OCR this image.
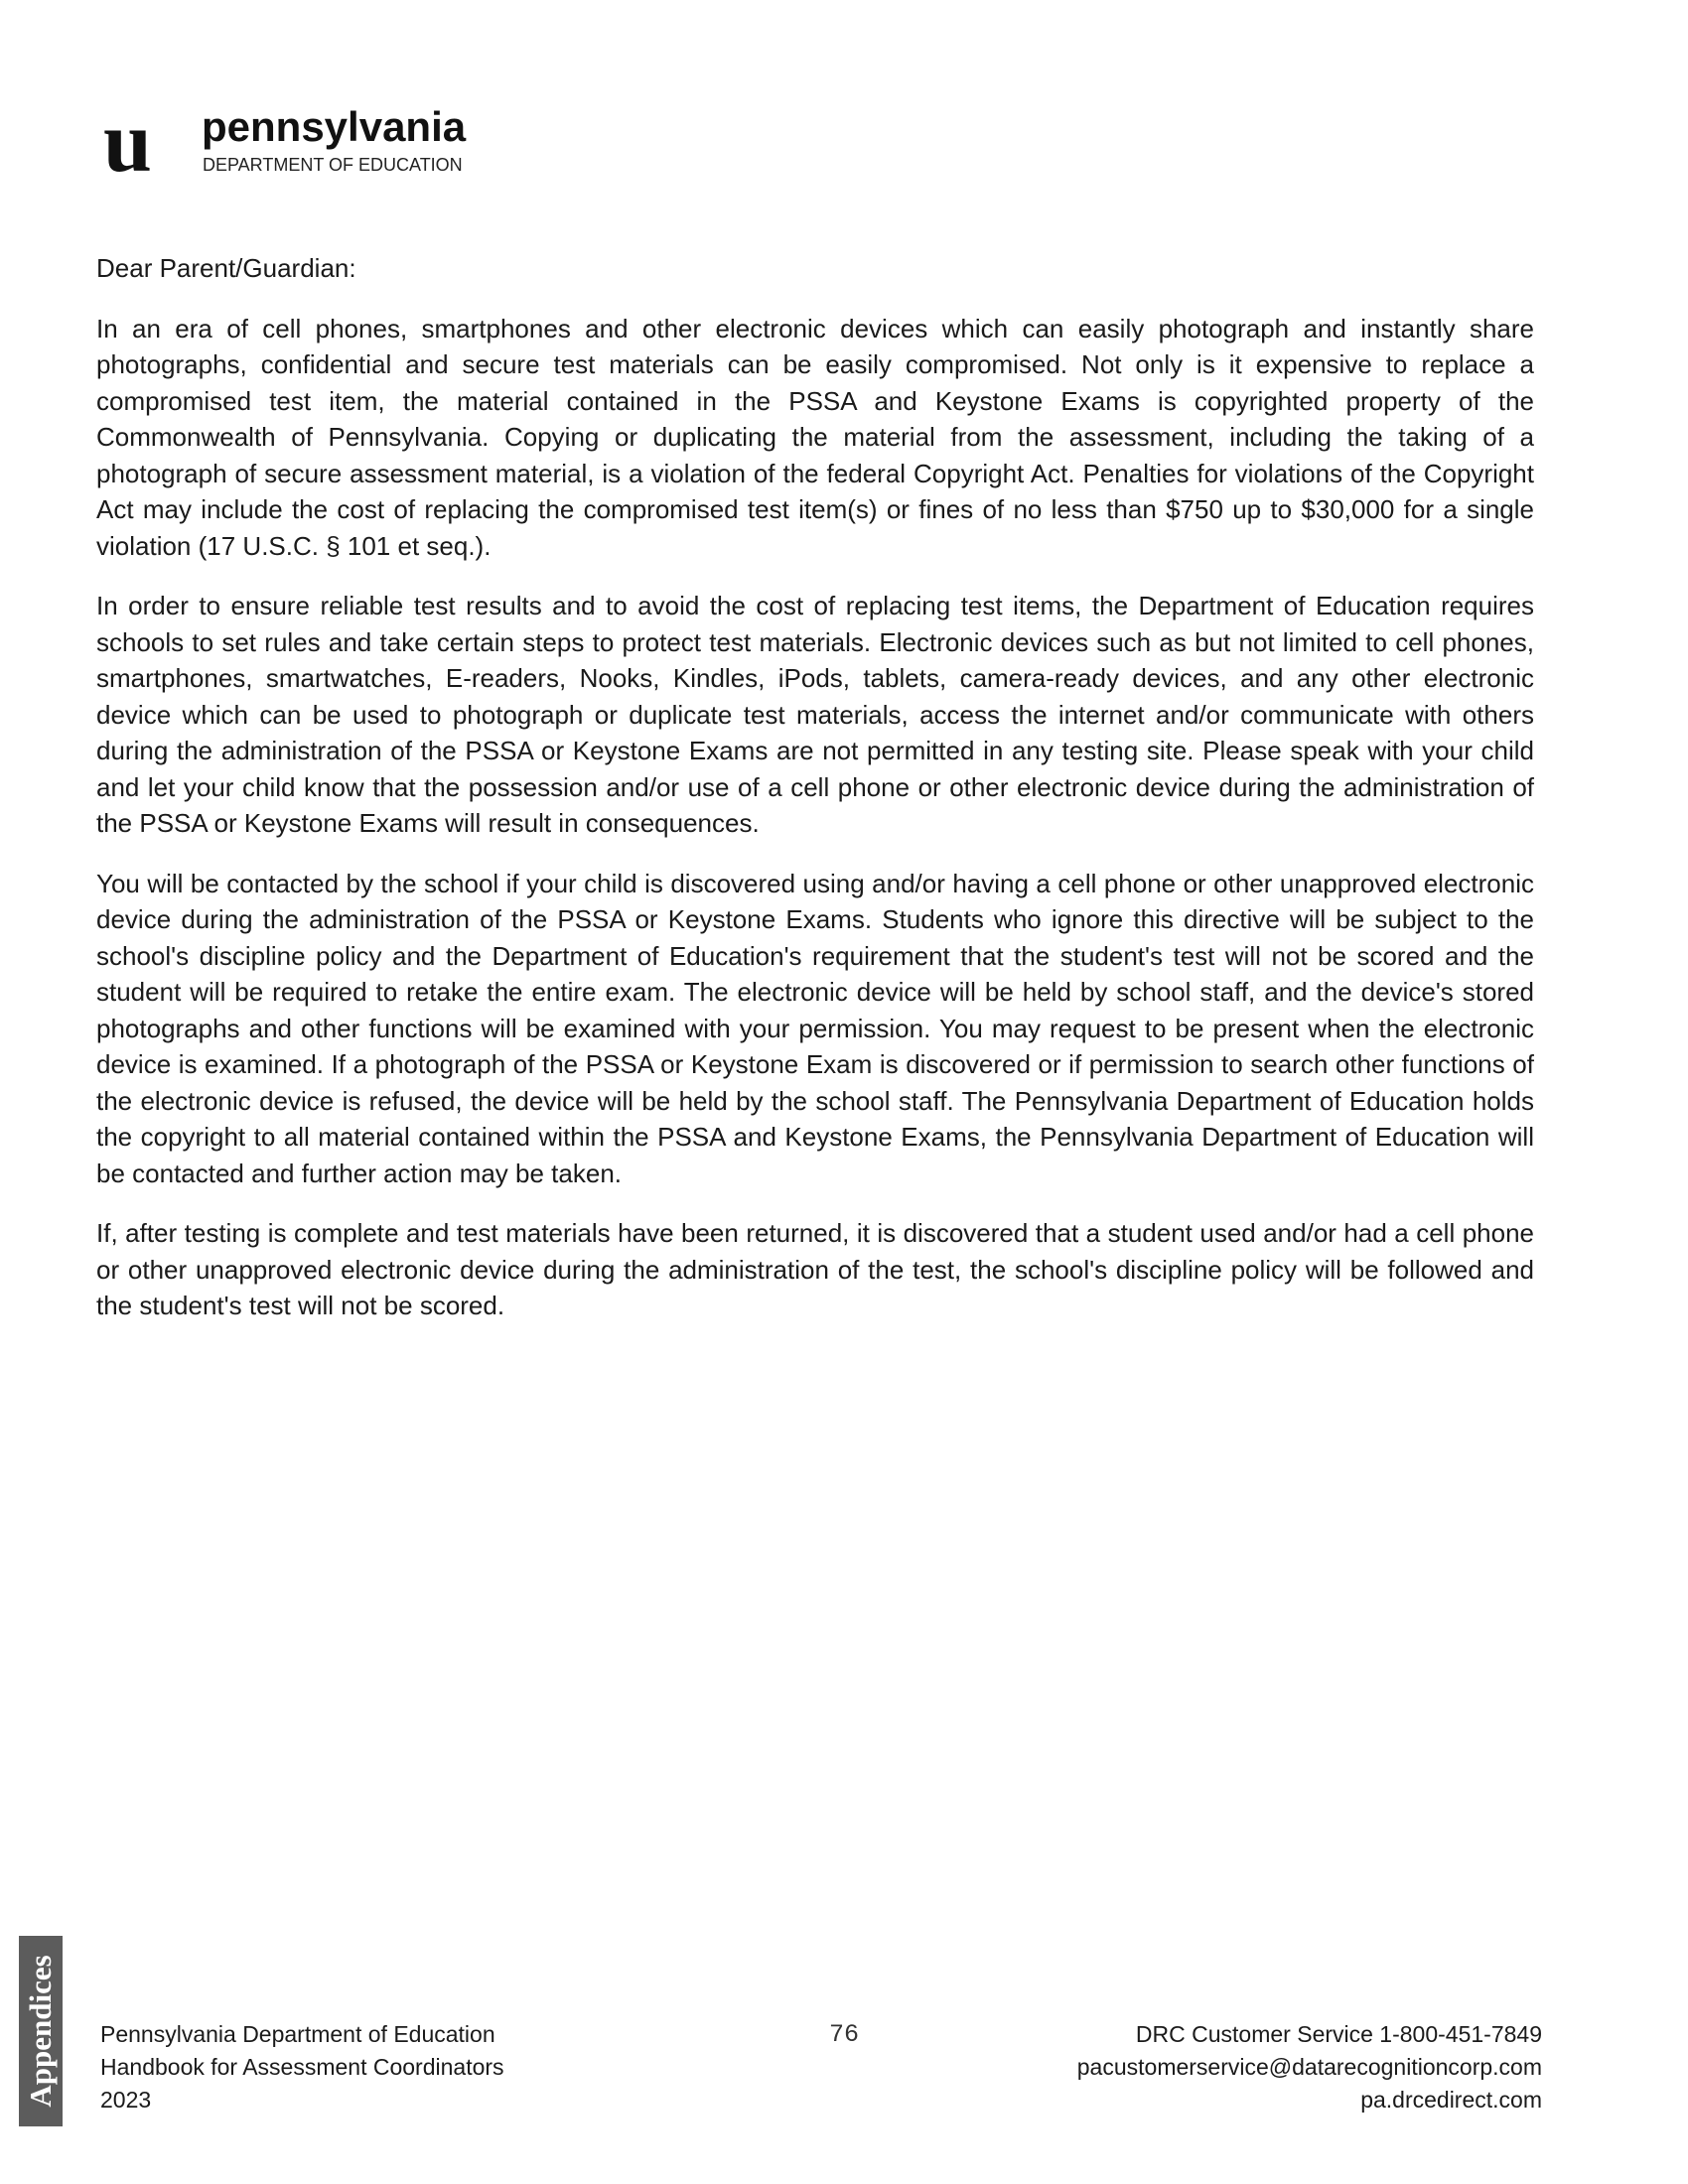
u pennsylvania
DEPARTMENT OF EDUCATION

Dear Parent/Guardian:

In an era of cell phones, smartphones and other electronic devices which can easily photograph and instantly share photographs, confidential and secure test materials can be easily compromised. Not only is it expensive to replace a compromised test item, the material contained in the PSSA and Keystone Exams is copyrighted property of the Commonwealth of Pennsylvania. Copying or duplicating the material from the assessment, including the taking of a photograph of secure assessment material, is a violation of the federal Copyright Act. Penalties for violations of the Copyright Act may include the cost of replacing the compromised test item(s) or fines of no less than $750 up to $30,000 for a single violation (17 U.S.C. § 101 et seq.).

In order to ensure reliable test results and to avoid the cost of replacing test items, the Department of Education requires schools to set rules and take certain steps to protect test materials. Electronic devices such as but not limited to cell phones, smartphones, smartwatches, E-readers, Nooks, Kindles, iPods, tablets, camera-ready devices, and any other electronic device which can be used to photograph or duplicate test materials, access the internet and/or communicate with others during the administration of the PSSA or Keystone Exams are not permitted in any testing site. Please speak with your child and let your child know that the possession and/or use of a cell phone or other electronic device during the administration of the PSSA or Keystone Exams will result in consequences.

You will be contacted by the school if your child is discovered using and/or having a cell phone or other unapproved electronic device during the administration of the PSSA or Keystone Exams. Students who ignore this directive will be subject to the school's discipline policy and the Department of Education's requirement that the student's test will not be scored and the student will be required to retake the entire exam. The electronic device will be held by school staff, and the device's stored photographs and other functions will be examined with your permission. You may request to be present when the electronic device is examined. If a photograph of the PSSA or Keystone Exam is discovered or if permission to search other functions of the electronic device is refused, the device will be held by the school staff. The Pennsylvania Department of Education holds the copyright to all material contained within the PSSA and Keystone Exams, the Pennsylvania Department of Education will be contacted and further action may be taken.

If, after testing is complete and test materials have been returned, it is discovered that a student used and/or had a cell phone or other unapproved electronic device during the administration of the test, the school's discipline policy will be followed and the student's test will not be scored.

Appendices Pennsylvania Department of Education
Handbook for Assessment Coordinators
2023
76	DRC Customer Service 1-800-451-7849
pacustomerservice@datarecognitioncorp.com
pa.drcedirect.com
